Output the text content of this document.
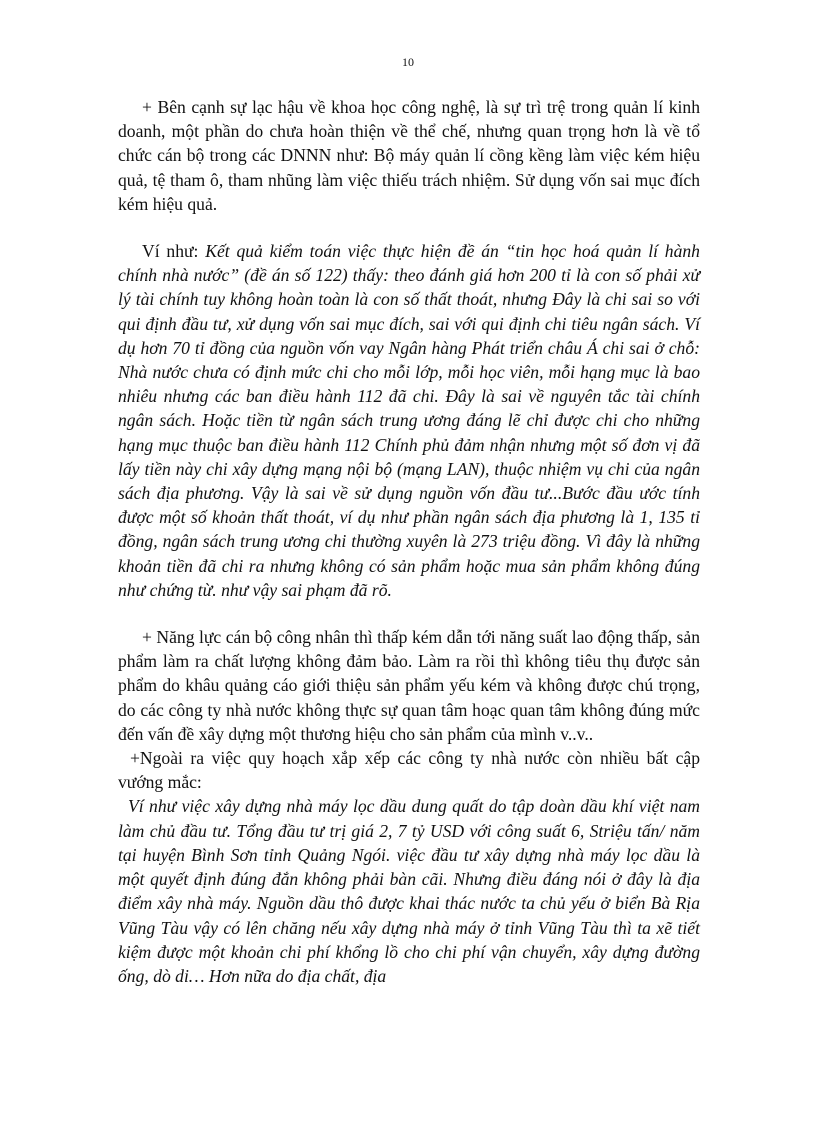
10

+ Bên cạnh sự lạc hậu về khoa học công nghệ, là sự trì trệ trong quản lí kinh doanh, một phần do chưa hoàn thiện về thể chế, nhưng quan trọng hơn là về tổ chức cán bộ trong các DNNN như: Bộ máy quản lí cồng kềng làm việc kém hiệu quả, tệ tham ô, tham nhũng làm việc thiếu trách nhiệm. Sử dụng vốn sai mục đích kém hiệu quả.

Ví như: Kết quả kiểm toán việc thực hiện đề án “tin học hoá quản lí hành chính nhà nước” (đề án số 122) thấy: theo đánh giá hơn 200 tỉ là con số phải xử lý tài chính tuy không hoàn toàn là con số thất thoát, nhưng Đây là chi sai so với qui định đầu tư, xử dụng vốn sai mục đích, sai với qui định chi tiêu ngân sách. Ví dụ hơn 70 tỉ đồng của nguồn vốn vay Ngân hàng Phát triển châu Á chi sai ở chỗ: Nhà nước chưa có định mức chi cho mỗi lớp, mỗi học viên, mỗi hạng mục là bao nhiêu nhưng các ban điều hành 112 đã chi. Đây là sai về nguyên tắc tài chính ngân sách. Hoặc tiền từ ngân sách trung ương đáng lẽ chỉ được chi cho những hạng mục thuộc ban điều hành 112 Chính phủ đảm nhận nhưng một số đơn vị đã lấy tiền này chi xây dựng mạng nội bộ (mạng LAN), thuộc nhiệm vụ chi của ngân sách địa phương. Vậy là sai về sử dụng nguồn vốn đầu tư...Bước đầu ước tính được một số khoản thất thoát, ví dụ như phần ngân sách địa phương là 1, 135 tỉ đồng, ngân sách trung ương chi thường xuyên là 273 triệu đồng. Vì đây là những khoản tiền đã chi ra nhưng không có sản phẩm hoặc mua sản phẩm không đúng như chứng từ. như vậy sai phạm đã rõ.

+ Năng lực cán bộ công nhân thì thấp kém dẫn tới năng suất lao động thấp, sản phẩm làm ra chất lượng không đảm bảo. Làm ra rồi thì không tiêu thụ được sản phẩm do khâu quảng cáo giới thiệu sản phẩm yếu kém và không được chú trọng, do các công ty nhà nước không thực sự quan tâm hoạc quan tâm không đúng mức đến vấn đề xây dựng một thương hiệu cho sản phẩm của mình v..v..

+Ngoài ra việc quy hoạch xắp xếp các công ty nhà nước còn nhiều bất cập vướng mắc:

Ví như việc xây dựng nhà máy lọc dầu dung quất do tập doàn dầu khí việt nam làm chủ đầu tư. Tổng đầu tư trị giá 2, 7 tỷ USD với công suất 6, Striệu tấn/ năm tại huyện Bình Sơn tỉnh Quảng Ngói. việc đầu tư xây dựng nhà máy lọc dầu là một quyết định đúng đắn không phải bàn cãi. Nhưng điều đáng nói ở đây là địa điểm xây nhà máy. Nguồn dầu thô được khai thác nước ta chủ yếu ở biển Bà Rịa Vũng Tàu vậy có lên chăng nếu xây dựng nhà máy ở tỉnh Vũng Tàu thì ta xẽ tiết kiệm được một khoản chi phí khổng lồ cho chi phí vận chuyển, xây dựng đường ống, dò di… Hơn nữa do địa chất, địa
